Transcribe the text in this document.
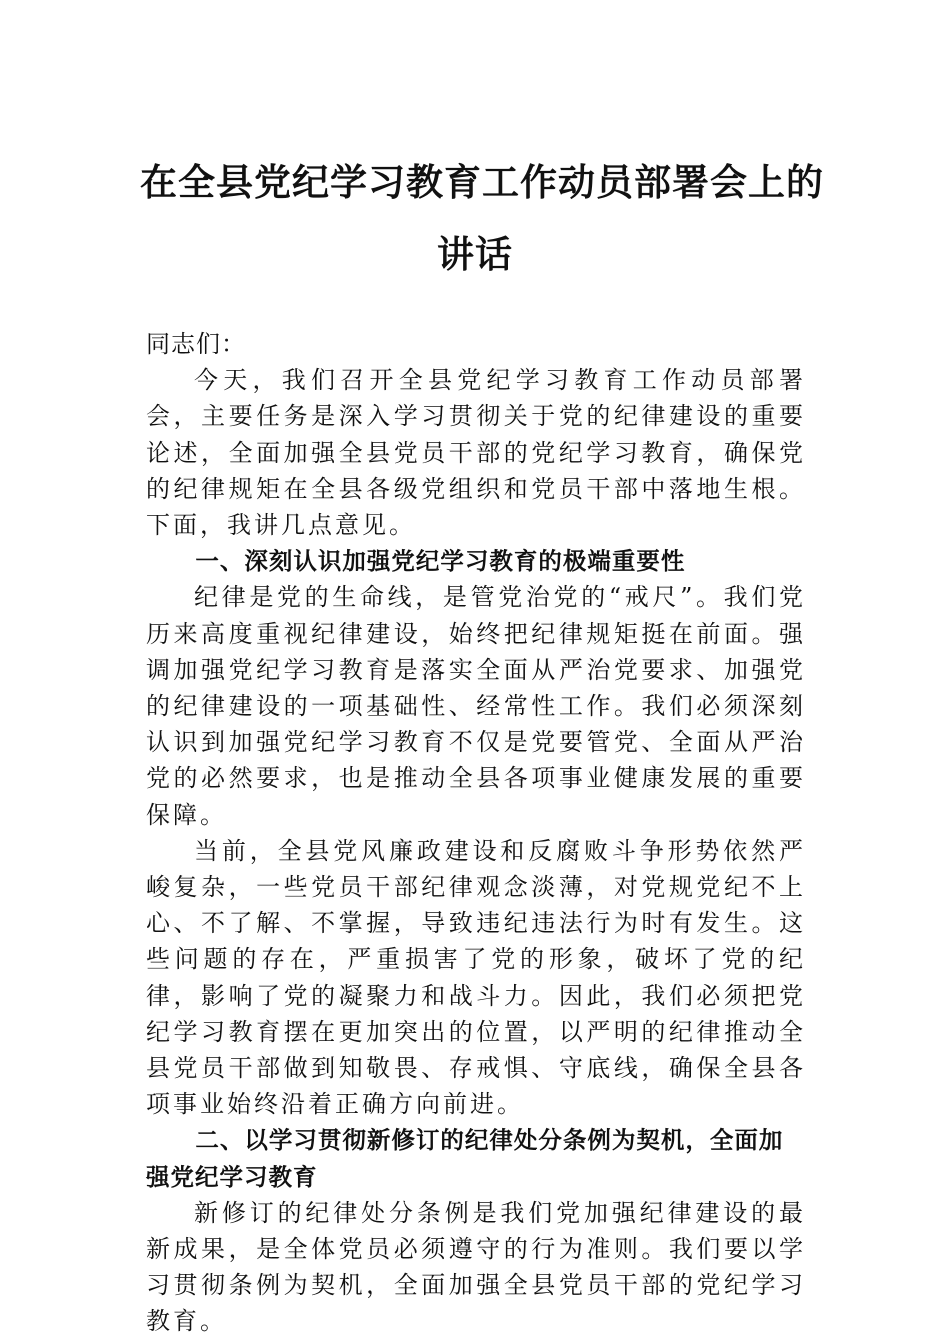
在全县党纪学习教育工作动员部署会上的
讲话

同志们：

今天，我们召开全县党纪学习教育工作动员部署会，主要任务是深入学习贯彻关于党的纪律建设的重要论述，全面加强全县党员干部的党纪学习教育，确保党的纪律规矩在全县各级党组织和党员干部中落地生根。下面，我讲几点意见。

一、深刻认识加强党纪学习教育的极端重要性

纪律是党的生命线，是管党治党的“戒尺”。我们党历来高度重视纪律建设，始终把纪律规矩挺在前面。强调加强党纪学习教育是落实全面从严治党要求、加强党的纪律建设的一项基础性、经常性工作。我们必须深刻认识到加强党纪学习教育不仅是党要管党、全面从严治党的必然要求，也是推动全县各项事业健康发展的重要保障。

当前，全县党风廉政建设和反腐败斗争形势依然严峻复杂，一些党员干部纪律观念淡薄，对党规党纪不上心、不了解、不掌握，导致违纪违法行为时有发生。这些问题的存在，严重损害了党的形象，破坏了党的纪律，影响了党的凝聚力和战斗力。因此，我们必须把党纪学习教育摆在更加突出的位置，以严明的纪律推动全县党员干部做到知敬畏、存戒惧、守底线，确保全县各项事业始终沿着正确方向前进。

二、以学习贯彻新修订的纪律处分条例为契机，全面加强党纪学习教育

新修订的纪律处分条例是我们党加强纪律建设的最新成果，是全体党员必须遵守的行为准则。我们要以学习贯彻条例为契机，全面加强全县党员干部的党纪学习教育。
